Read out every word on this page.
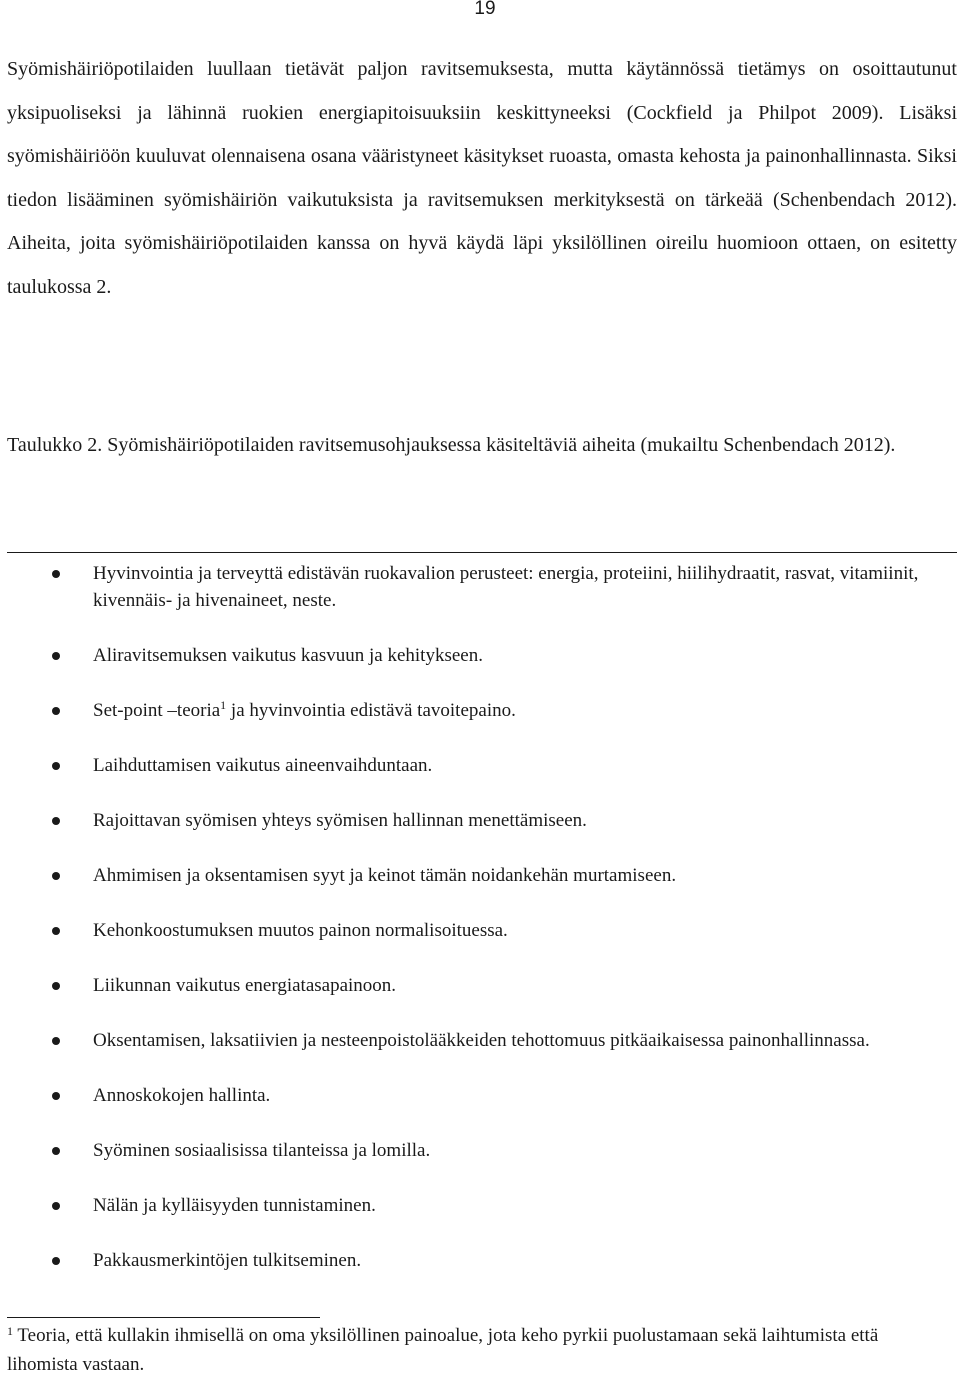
19

Syömishäiriöpotilaiden luullaan tietävät paljon ravitsemuksesta, mutta käytännössä tietämys on osoittautunut yksipuoliseksi ja lähinnä ruokien energiapitoisuuksiin keskittyneeksi (Cockfield ja Philpot 2009). Lisäksi syömishäiriöön kuuluvat olennaisena osana vääristyneet käsitykset ruoasta, omasta kehosta ja painonhallinnasta. Siksi tiedon lisääminen syömishäiriön vaikutuksista ja ravitsemuksen merkityksestä on tärkeää (Schenbendach 2012). Aiheita, joita syömishäiriöpotilaiden kanssa on hyvä käydä läpi yksilöllinen oireilu huomioon ottaen, on esitetty taulukossa 2.

Taulukko 2. Syömishäiriöpotilaiden ravitsemusohjauksessa käsiteltäviä aiheita (mukailtu Schenbendach 2012).

Hyvinvointia ja terveyttä edistävän ruokavalion perusteet: energia, proteiini, hiilihydraatit, rasvat, vitamiinit, kivennäis- ja hivenaineet, neste.
Aliravitsemuksen vaikutus kasvuun ja kehitykseen.
Set-point –teoria$^1$ ja hyvinvointia edistävä tavoitepaino.
Laihduttamisen vaikutus aineenvaihduntaan.
Rajoittavan syömisen yhteys syömisen hallinnan menettämiseen.
Ahmimisen ja oksentamisen syyt ja keinot tämän noidankehän murtamiseen.
Kehonkoostumuksen muutos painon normalisoituessa.
Liikunnan vaikutus energiatasapainoon.
Oksentamisen, laksatiivien ja nesteenpoistolääkkeiden tehottomuus pitkäaikaisessa painonhallinnassa.
Annoskokojen hallinta.
Syöminen sosiaalisissa tilanteissa ja lomilla.
Nälän ja kylläisyyden tunnistaminen.
Pakkausmerkintöjen tulkitseminen.

$^1$ Teoria, että kullakin ihmisellä on oma yksilöllinen painoalue, jota keho pyrkii puolustamaan sekä laihtumista että lihomista vastaan.
